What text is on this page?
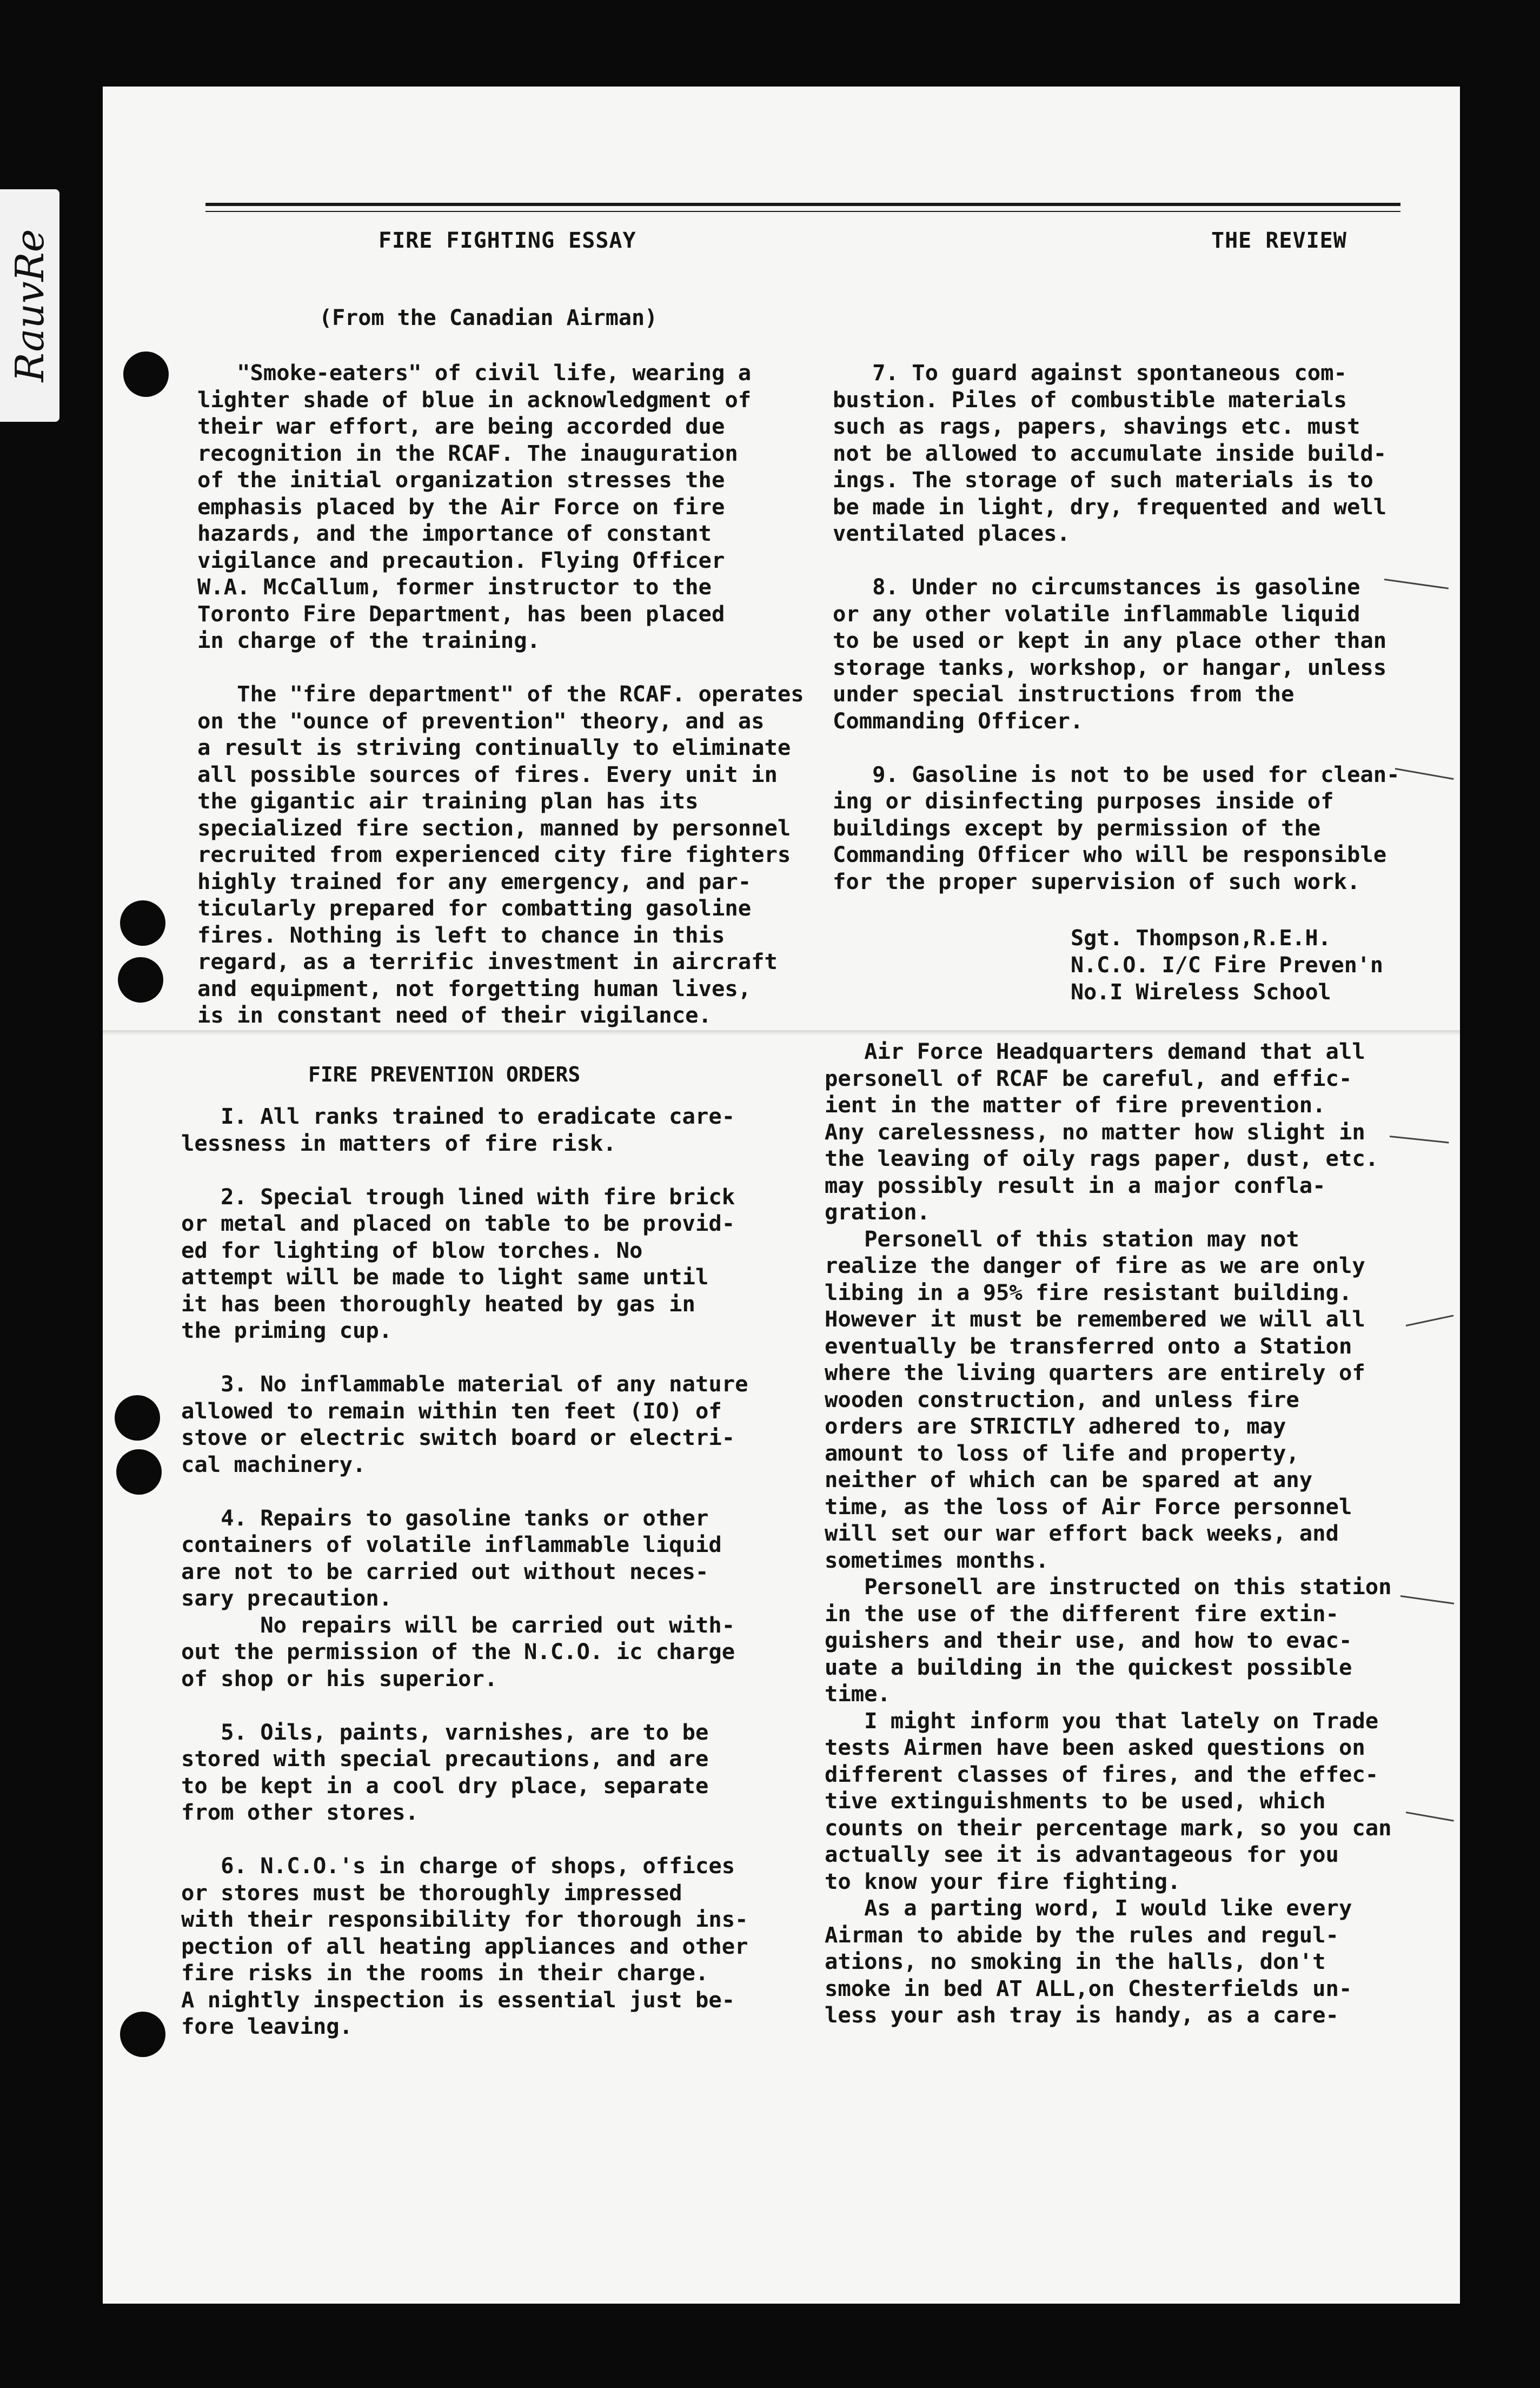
RauvRe	FIRE FIGHTING ESSAY	THE REVIEW
(From the Canadian Airman)

"Smoke-eaters" of civil life, wearing a

lighter shade of blue in acknowledgment of

their war effort, are being accorded due

recognition in the RCAF. The inauguration

of the initial organization stresses the

emphasis placed by the Air Force on fire

hazards, and the importance of constant

vigilance and precaution. Flying Officer

W.A. McCallum, former instructor to the

Toronto Fire Department, has been placed

in charge of the training.

The "fire department" of the RCAF. operates

on the "ounce of prevention" theory, and as

a result is striving continually to eliminate

all possible sources of fires. Every unit in

the gigantic air training plan has its

specialized fire section, manned by personnel

recruited from experienced city fire fighters

highly trained for any emergency, and par-

ticularly prepared for combatting gasoline

fires. Nothing is left to chance in this

regard, as a terrific investment in aircraft

and equipment, not forgetting human lives,

is in constant need of their vigilance.

7. To guard against spontaneous com-

bustion. Piles of combustible materials

such as rags, papers, shavings etc. must

not be allowed to accumulate inside build-

ings. The storage of such materials is to

be made in light, dry, frequented and well

ventilated places.

8. Under no circumstances is gasoline

or any other volatile inflammable liquid

to be used or kept in any place other than

storage tanks, workshop, or hangar, unless

under special instructions from the

Commanding Officer.

9. Gasoline is not to be used for clean-

ing or disinfecting purposes inside of

buildings except by permission of the

Commanding Officer who will be responsible

for the proper supervision of such work.

Sgt. Thompson,R.E.H.

N.C.O. I/C Fire Preven'n

No.I Wireless School

FIRE PREVENTION ORDERS

I. All ranks trained to eradicate care-

lessness in matters of fire risk.

2. Special trough lined with fire brick

or metal and placed on table to be provid-

ed for lighting of blow torches. No

attempt will be made to light same until

it has been thoroughly heated by gas in

the priming cup.

3. No inflammable material of any nature

allowed to remain within ten feet (IO) of

stove or electric switch board or electri-

cal machinery.

4. Repairs to gasoline tanks or other

containers of volatile inflammable liquid

are not to be carried out without neces-

sary precaution.

No repairs will be carried out with-

out the permission of the N.C.O. ic charge

of shop or his superior.

5. Oils, paints, varnishes, are to be

stored with special precautions, and are

to be kept in a cool dry place, separate

from other stores.

6. N.C.O.'s in charge of shops, offices

or stores must be thoroughly impressed

with their responsibility for thorough ins-

pection of all heating appliances and other

fire risks in the rooms in their charge.

A nightly inspection is essential just be-

fore leaving.

Air Force Headquarters demand that all

personell of RCAF be careful, and effic-

ient in the matter of fire prevention.

Any carelessness, no matter how slight in

the leaving of oily rags paper, dust, etc.

may possibly result in a major confla-

gration.

Personell of this station may not

realize the danger of fire as we are only

libing in a 95% fire resistant building.

However it must be remembered we will all

eventually be transferred onto a Station

where the living quarters are entirely of

wooden construction, and unless fire

orders are STRICTLY adhered to, may

amount to loss of life and property,

neither of which can be spared at any

time, as the loss of Air Force personnel

will set our war effort back weeks, and

sometimes months.

Personell are instructed on this station

in the use of the different fire extin-

guishers and their use, and how to evac-

uate a building in the quickest possible

time.

I might inform you that lately on Trade

tests Airmen have been asked questions on

different classes of fires, and the effec-

tive extinguishments to be used, which

counts on their percentage mark, so you can

actually see it is advantageous for you

to know your fire fighting.

As a parting word, I would like every

Airman to abide by the rules and regul-

ations, no smoking in the halls, don't

smoke in bed AT ALL,on Chesterfields un-

less your ash tray is handy, as a care-
